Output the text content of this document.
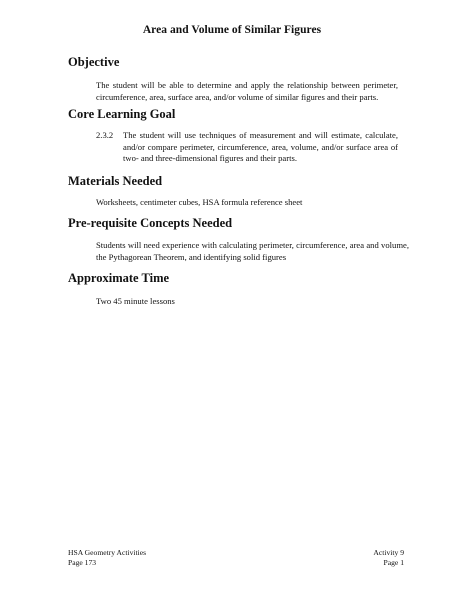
Area and Volume of Similar Figures
Objective

The student will be able to determine and apply the relationship between perimeter, circumference, area, surface area, and/or volume of similar figures and their parts.

Core Learning Goal
2.3.2 The student will use techniques of measurement and will estimate, calculate, and/or compare perimeter, circumference, area, volume, and/or surface area of two- and three-dimensional figures and their parts.
Materials Needed

Worksheets, centimeter cubes, HSA formula reference sheet

Pre-requisite Concepts Needed

Students will need experience with calculating perimeter, circumference, area and volume, the Pythagorean Theorem, and identifying solid figures

Approximate Time

Two 45 minute lessons

HSA Geometry Activities
Page 173
Activity 9
Page 1
